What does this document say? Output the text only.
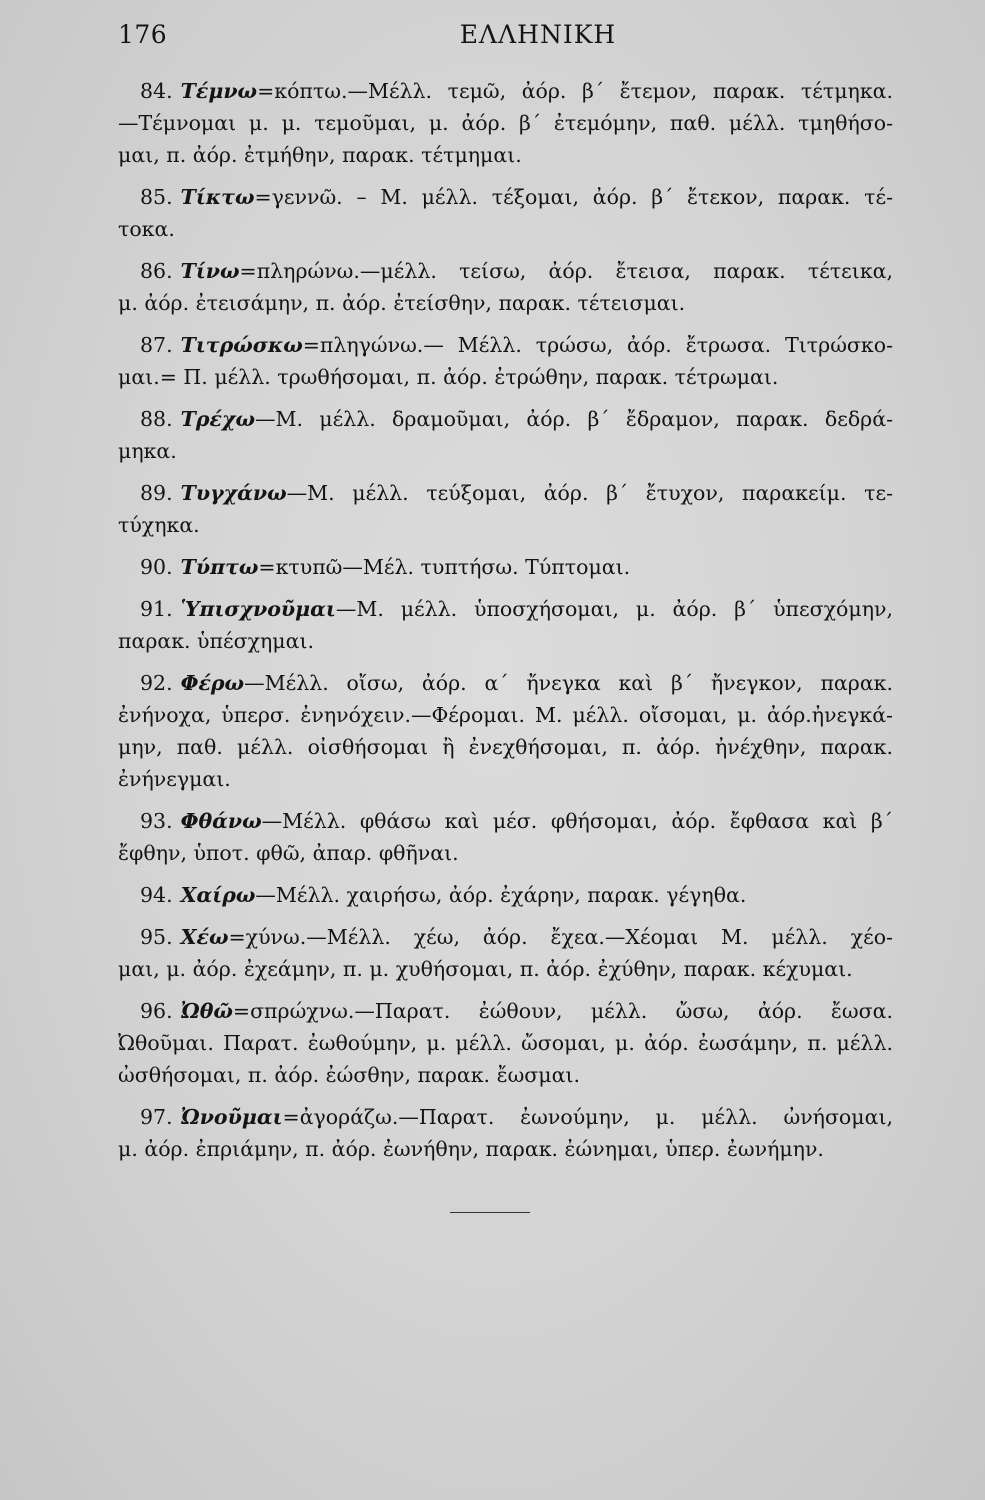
176	ΕΛΛΗΝΙΚΗ
84. Τέμνω=κόπτω.—Μέλλ. τεμῶ, ἀόρ. β΄ ἔτεμον, παρακ. τέτμηκα.
—Τέμνομαι μ. μ. τεμοῦμαι, μ. ἀόρ. β΄ ἐτεμόμην, παθ. μέλλ. τμηθήσο-
μαι, π. ἀόρ. ἐτμήθην, παρακ. τέτμημαι.
85. Τίκτω=γεννῶ. – Μ. μέλλ. τέξομαι, ἀόρ. β΄ ἔτεκον, παρακ. τέ-
τοκα.
86. Τίνω=πληρώνω.—μέλλ. τείσω, ἀόρ. ἔτεισα, παρακ. τέτεικα,
μ. ἀόρ. ἐτεισάμην, π. ἀόρ. ἐτείσθην, παρακ. τέτεισμαι.
87. Τιτρώσκω=πληγώνω.— Μέλλ. τρώσω, ἀόρ. ἔτρωσα. Τιτρώσκο-
μαι.= Π. μέλλ. τρωθήσομαι, π. ἀόρ. ἐτρώθην, παρακ. τέτρωμαι.
88. Τρέχω—Μ. μέλλ. δραμοῦμαι, ἀόρ. β΄ ἔδραμον, παρακ. δεδρά-
μηκα.
89. Τυγχάνω—Μ. μέλλ. τεύξομαι, ἀόρ. β΄ ἔτυχον, παρακείμ. τε-
τύχηκα.
90. Τύπτω=κτυπῶ—Μέλ. τυπτήσω. Τύπτομαι.
91. Ὑπισχνοῦμαι—Μ. μέλλ. ὑποσχήσομαι, μ. ἀόρ. β΄ ὑπεσχόμην,
παρακ. ὑπέσχημαι.
92. Φέρω—Μέλλ. οἴσω, ἀόρ. α΄ ἤνεγκα καὶ β΄ ἤνεγκον, παρακ.
ἐνήνοχα, ὑπερσ. ἐνηνόχειν.—Φέρομαι. Μ. μέλλ. οἴσομαι, μ. ἀόρ.ἠνεγκά-
μην, παθ. μέλλ. οἰσθήσομαι ἢ ἐνεχθήσομαι, π. ἀόρ. ἠνέχθην, παρακ.
ἐνήνεγμαι.
93. Φθάνω—Μέλλ. φθάσω καὶ μέσ. φθήσομαι, ἀόρ. ἔφθασα καὶ β΄
ἔφθην, ὑποτ. φθῶ, ἀπαρ. φθῆναι.
94. Χαίρω—Μέλλ. χαιρήσω, ἀόρ. ἐχάρην, παρακ. γέγηθα.
95. Χέω=χύνω.—Μέλλ. χέω, ἀόρ. ἔχεα.—Χέομαι Μ. μέλλ. χέο-
μαι, μ. ἀόρ. ἐχεάμην, π. μ. χυθήσομαι, π. ἀόρ. ἐχύθην, παρακ. κέχυμαι.
96. Ὠθῶ=σπρώχνω.—Παρατ. ἐώθουν, μέλλ. ὤσω, ἀόρ. ἔωσα.
Ὠθοῦμαι. Παρατ. ἐωθούμην, μ. μέλλ. ὤσομαι, μ. ἀόρ. ἐωσάμην, π. μέλλ.
ὠσθήσομαι, π. ἀόρ. ἐώσθην, παρακ. ἔωσμαι.
97. Ὠνοῦμαι=ἀγοράζω.—Παρατ. ἐωνούμην, μ. μέλλ. ὠνήσομαι,
μ. ἀόρ. ἐπριάμην, π. ἀόρ. ἐωνήθην, παρακ. ἐώνημαι, ὑπερ. ἐωνήμην.
